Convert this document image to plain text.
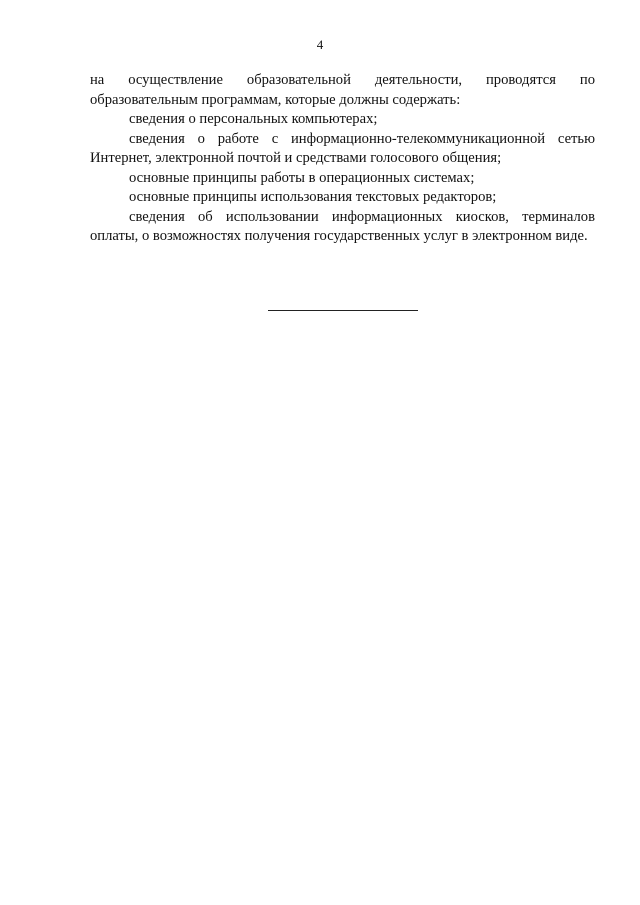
4

на осуществление образовательной деятельности, проводятся по образовательным программам, которые должны содержать:

сведения о персональных компьютерах;

сведения о работе с информационно-телекоммуникационной сетью Интернет, электронной почтой и средствами голосового общения;

основные принципы работы в операционных системах;

основные принципы использования текстовых редакторов;

сведения об использовании информационных киосков, терминалов оплаты, о возможностях получения государственных услуг в электронном виде.
